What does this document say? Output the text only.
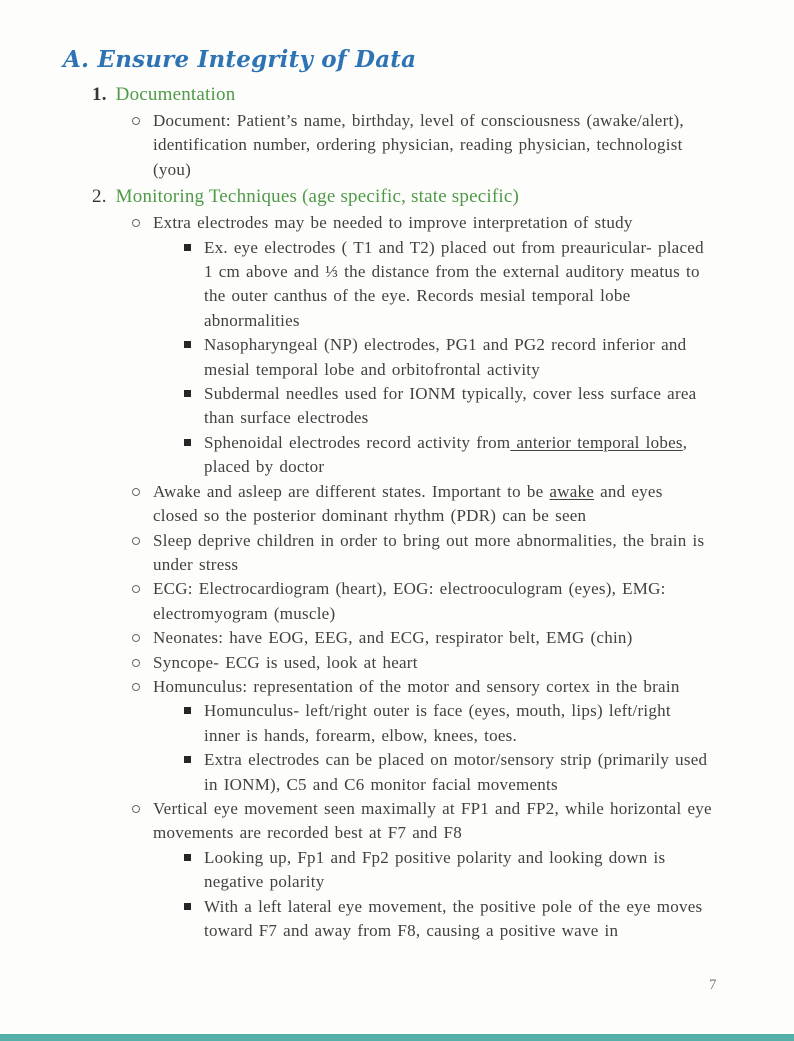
A. Ensure Integrity of Data
1. Documentation
Document: Patient’s name, birthday, level of consciousness (awake/alert), identification number, ordering physician, reading physician, technologist (you)
2. Monitoring Techniques (age specific, state specific)
Extra electrodes may be needed to improve interpretation of study
Ex. eye electrodes ( T1 and T2) placed out from preauricular- placed 1 cm above and ⅓ the distance from the external auditory meatus to the outer canthus of the eye. Records mesial temporal lobe abnormalities
Nasopharyngeal (NP) electrodes, PG1 and PG2 record inferior and mesial temporal lobe and orbitofrontal activity
Subdermal needles used for IONM typically, cover less surface area than surface electrodes
Sphenoidal electrodes record activity from anterior temporal lobes, placed by doctor
Awake and asleep are different states. Important to be awake and eyes closed so the posterior dominant rhythm (PDR) can be seen
Sleep deprive children in order to bring out more abnormalities, the brain is under stress
ECG: Electrocardiogram (heart), EOG: electrooculogram (eyes), EMG: electromyogram (muscle)
Neonates: have EOG, EEG, and ECG, respirator belt, EMG (chin)
Syncope- ECG is used, look at heart
Homunculus: representation of the motor and sensory cortex in the brain
Homunculus- left/right outer is face (eyes, mouth, lips) left/right inner is hands, forearm, elbow, knees, toes.
Extra electrodes can be placed on motor/sensory strip (primarily used in IONM), C5 and C6 monitor facial movements
Vertical eye movement seen maximally at FP1 and FP2, while horizontal eye movements are recorded best at F7 and F8
Looking up, Fp1 and Fp2 positive polarity and looking down is negative polarity
With a left lateral eye movement, the positive pole of the eye moves toward F7 and away from F8, causing a positive wave in
7
